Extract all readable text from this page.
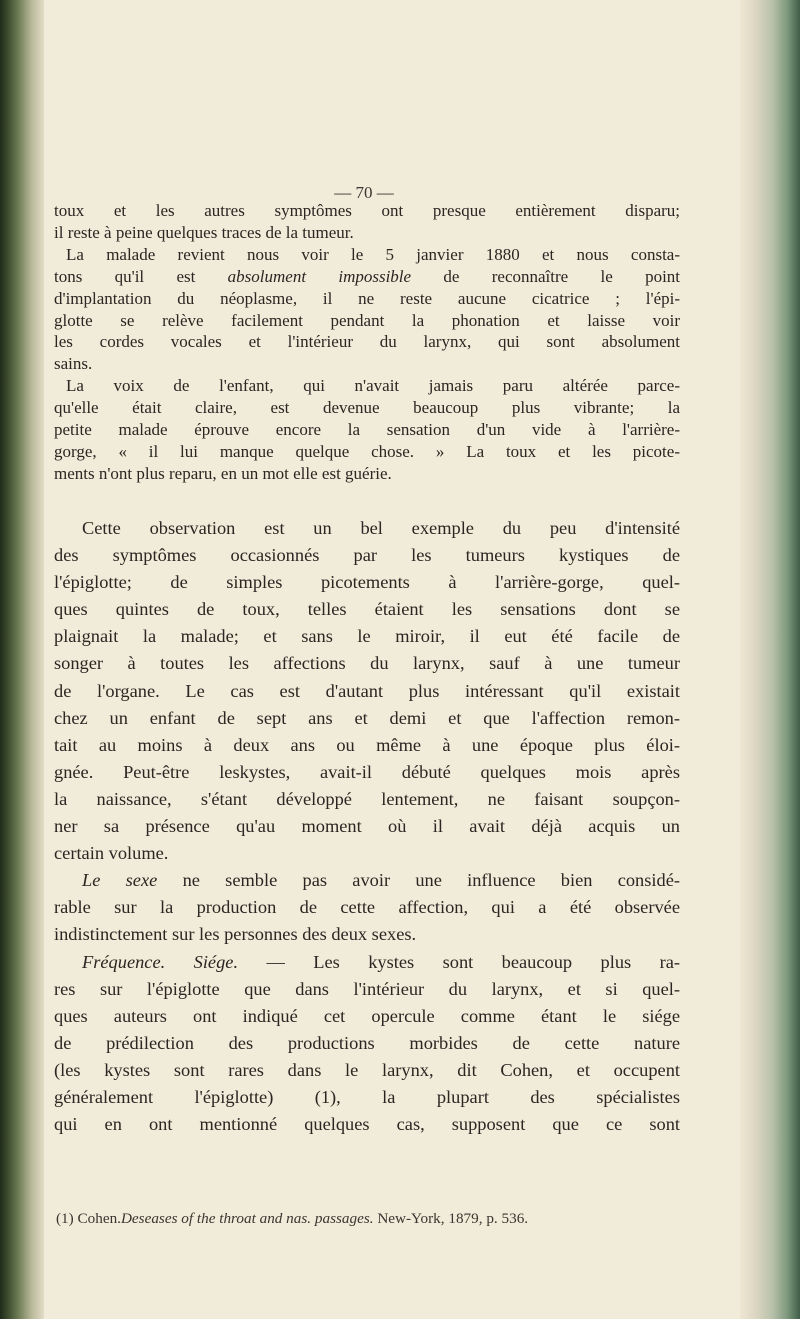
— 70 —
toux et les autres symptômes ont presque entièrement disparu;
il reste à peine quelques traces de la tumeur.
La malade revient nous voir le 5 janvier 1880 et nous consta-
tons qu'il est absolument impossible de reconnaître le point
d'implantation du néoplasme, il ne reste aucune cicatrice ; l'épi-
glotte se relève facilement pendant la phonation et laisse voir
les cordes vocales et l'intérieur du larynx, qui sont absolument
sains.
La voix de l'enfant, qui n'avait jamais paru altérée parce-
qu'elle était claire, est devenue beaucoup plus vibrante; la
petite malade éprouve encore la sensation d'un vide à l'arrière-
gorge, « il lui manque quelque chose. » La toux et les picote-
ments n'ont plus reparu, en un mot elle est guérie.
Cette observation est un bel exemple du peu d'intensité
des symptômes occasionnés par les tumeurs kystiques de
l'épiglotte; de simples picotements à l'arrière-gorge, quel-
ques quintes de toux, telles étaient les sensations dont se
plaignait la malade; et sans le miroir, il eut été facile de
songer à toutes les affections du larynx, sauf à une tumeur
de l'organe. Le cas est d'autant plus intéressant qu'il existait
chez un enfant de sept ans et demi et que l'affection remon-
tait au moins à deux ans ou même à une époque plus éloi-
gnée. Peut-être leskystes, avait-il débuté quelques mois après
la naissance, s'étant développé lentement, ne faisant soupçon-
ner sa présence qu'au moment où il avait déjà acquis un
certain volume.
Le sexe ne semble pas avoir une influence bien considé-
rable sur la production de cette affection, qui a été observée
indistinctement sur les personnes des deux sexes.
Fréquence. Siége. — Les kystes sont beaucoup plus ra-
res sur l'épiglotte que dans l'intérieur du larynx, et si quel-
ques auteurs ont indiqué cet opercule comme étant le siége
de prédilection des productions morbides de cette nature
(les kystes sont rares dans le larynx, dit Cohen, et occupent
généralement l'épiglotte) (1), la plupart des spécialistes
qui en ont mentionné quelques cas, supposent que ce sont
(1) Cohen.Deseases of the throat and nas. passages. New-York, 1879, p. 536.
